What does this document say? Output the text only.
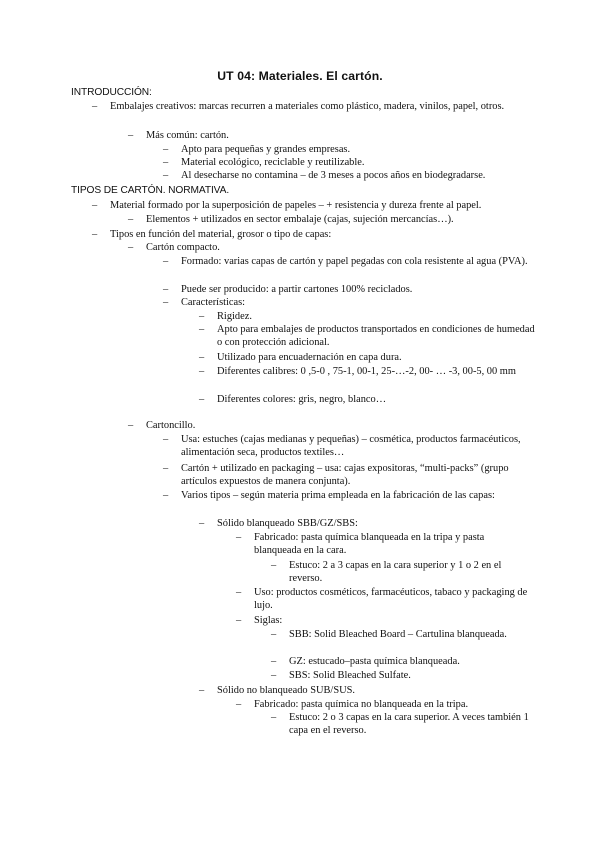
UT 04: Materiales. El cartón.
INTRODUCCIÓN:
– Embalajes creativos: marcas recurren a materiales como plástico, madera, vinilos, papel, otros.
– Más común: cartón.
– Apto para pequeñas y grandes empresas.
– Material ecológico, reciclable y reutilizable.
– Al desecharse no contamina – de 3 meses a pocos años en biodegradarse.
TIPOS DE CARTÓN. NORMATIVA.
– Material formado por la superposición de papeles – + resistencia y dureza frente al papel.
– Elementos + utilizados en sector embalaje (cajas, sujeción mercancías…).
– Tipos en función del material, grosor o tipo de capas:
– Cartón compacto.
– Formado: varias capas de cartón y papel pegadas con cola resistente al agua (PVA).
– Puede ser producido: a partir cartones 100% reciclados.
– Características:
– Rigidez.
– Apto para embalajes de productos transportados en condiciones de humedad o con protección adicional.
– Utilizado para encuadernación en capa dura.
– Diferentes calibres: 0 ,5-0 , 75-1, 00-1, 25-…-2, 00- … -3, 00-5, 00 mm
– Diferentes colores: gris, negro, blanco…
– Cartoncillo.
– Usa: estuches (cajas medianas y pequeñas) – cosmética, productos farmacéuticos, alimentación seca, productos textiles…
– Cartón + utilizado en packaging – usa: cajas expositoras, “multi-packs” (grupo artículos expuestos de manera conjunta).
– Varios tipos – según materia prima empleada en la fabricación de las capas:
– Sólido blanqueado SBB/GZ/SBS:
– Fabricado: pasta química blanqueada en la tripa y pasta blanqueada en la cara.
– Estuco: 2 a 3 capas en la cara superior y 1 o 2 en el reverso.
– Uso: productos cosméticos, farmacéuticos, tabaco y packaging de lujo.
– Siglas:
– SBB: Solid Bleached Board – Cartulina blanqueada.
– GZ: estucado–pasta química blanqueada.
– SBS: Solid Bleached Sulfate.
– Sólido no blanqueado SUB/SUS.
– Fabricado: pasta química no blanqueada en la tripa.
– Estuco: 2 o 3 capas en la cara superior. A veces también 1 capa en el reverso.
